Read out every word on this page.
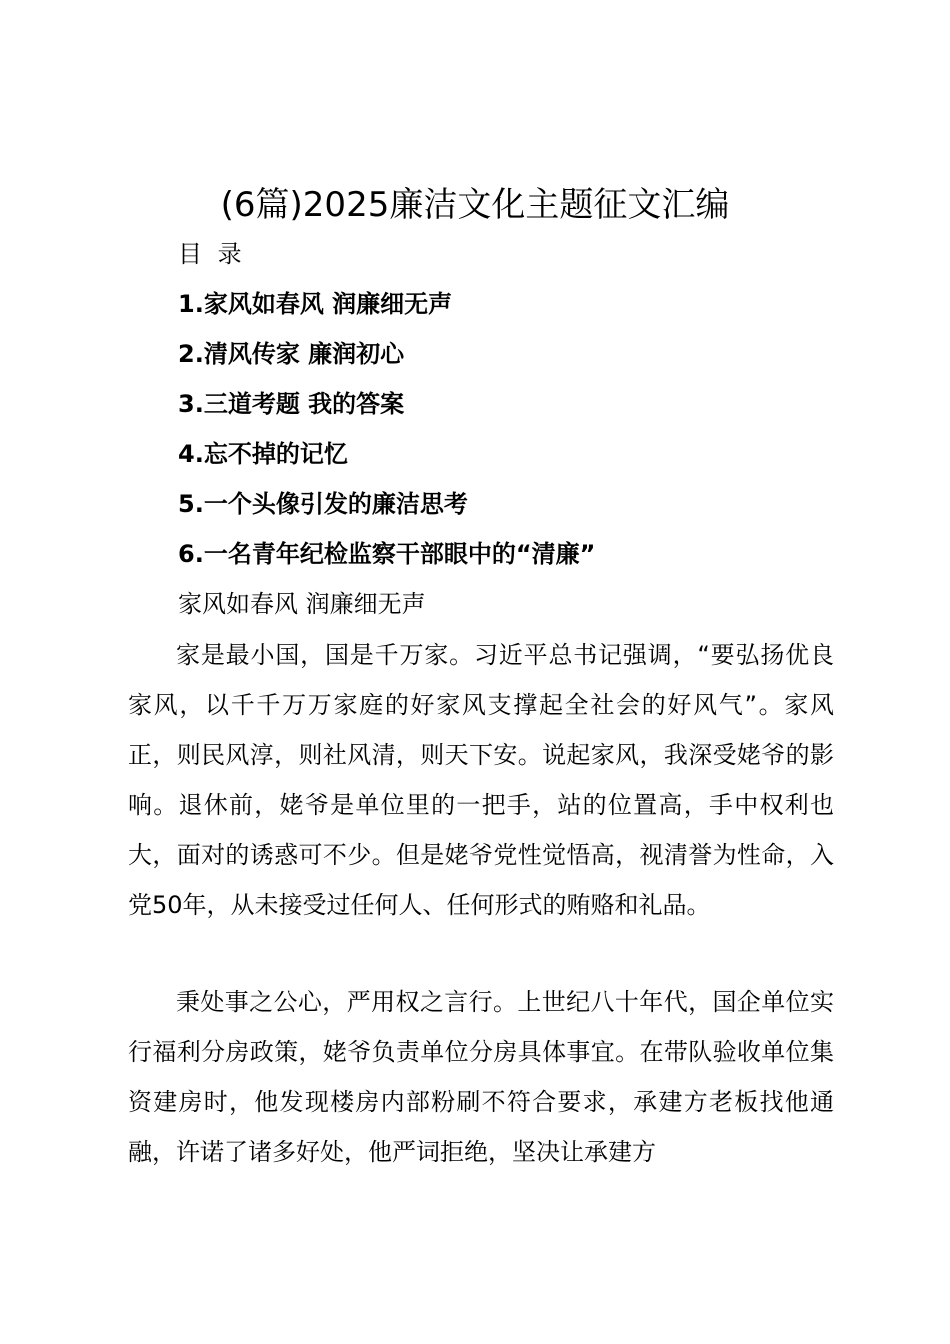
(6篇)2025廉洁文化主题征文汇编
目 录
1.家风如春风 润廉细无声
2.清风传家 廉润初心
3.三道考题 我的答案
4.忘不掉的记忆
5.一个头像引发的廉洁思考
6.一名青年纪检监察干部眼中的“清廉”
家风如春风 润廉细无声

家是最小国，国是千万家。习近平总书记强调，“要弘扬优良家风，以千千万万家庭的好家风支撑起全社会的好风气”。家风正，则民风淳，则社风清，则天下安。说起家风，我深受姥爷的影响。退休前，姥爷是单位里的一把手，站的位置高，手中权利也大，面对的诱惑可不少。但是姥爷党性觉悟高，视清誉为性命，入党50年，从未接受过任何人、任何形式的贿赂和礼品。

秉处事之公心，严用权之言行。上世纪八十年代，国企单位实行福利分房政策，姥爷负责单位分房具体事宜。在带队验收单位集资建房时，他发现楼房内部粉刷不符合要求，承建方老板找他通融，许诺了诸多好处，他严词拒绝，坚决让承建方
